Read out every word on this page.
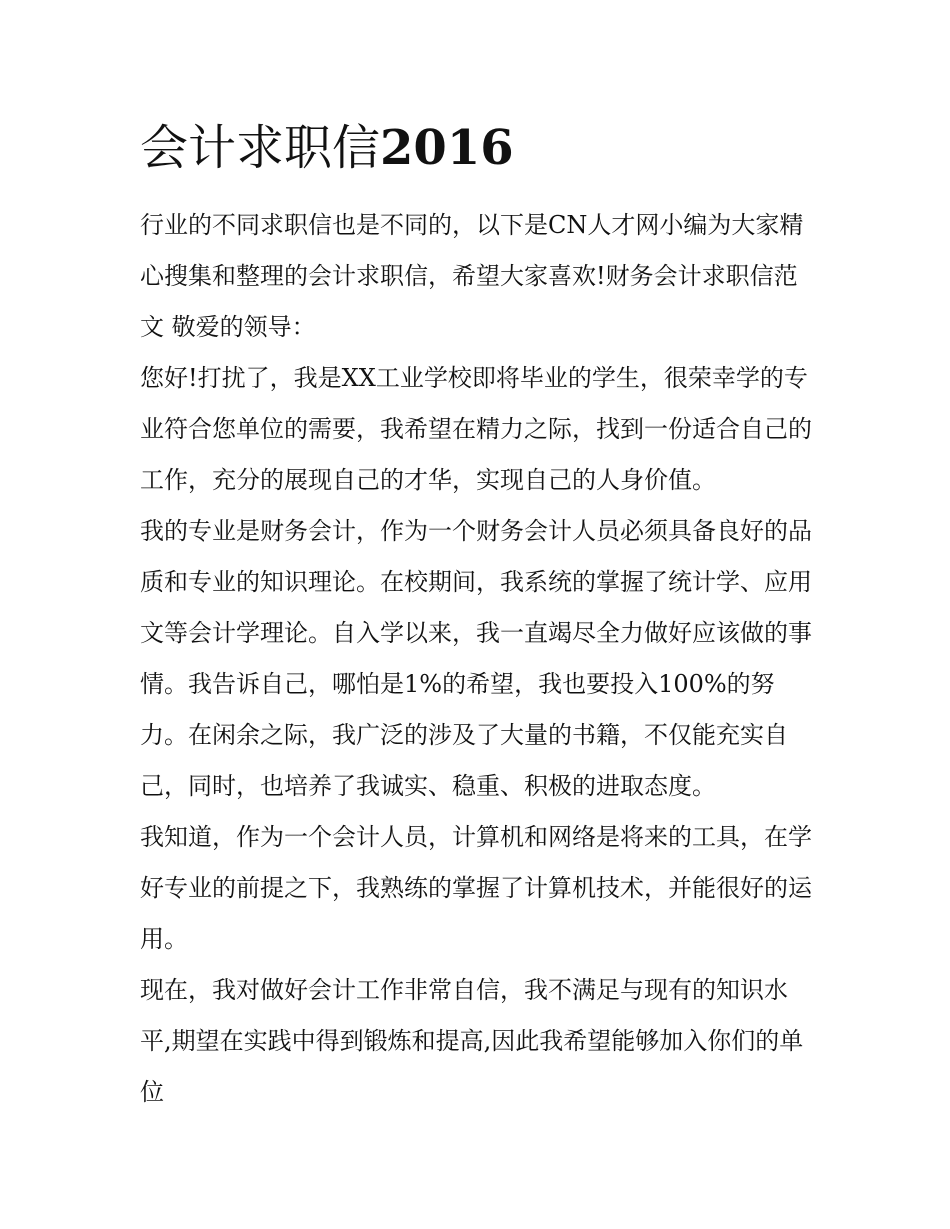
会计求职信2016

行业的不同求职信也是不同的，以下是CN人才网小编为大家精心搜集和整理的会计求职信，希望大家喜欢!财务会计求职信范文 敬爱的领导：

您好!打扰了，我是XX工业学校即将毕业的学生，很荣幸学的专业符合您单位的需要，我希望在精力之际，找到一份适合自己的工作，充分的展现自己的才华，实现自己的人身价值。

我的专业是财务会计，作为一个财务会计人员必须具备良好的品质和专业的知识理论。在校期间，我系统的掌握了统计学、应用文等会计学理论。自入学以来，我一直竭尽全力做好应该做的事情。我告诉自己，哪怕是1%的希望，我也要投入100%的努力。在闲余之际，我广泛的涉及了大量的书籍，不仅能充实自己，同时，也培养了我诚实、稳重、积极的进取态度。

我知道，作为一个会计人员，计算机和网络是将来的工具，在学好专业的前提之下，我熟练的掌握了计算机技术，并能很好的运用。

现在，我对做好会计工作非常自信，我不满足与现有的知识水平,期望在实践中得到锻炼和提高,因此我希望能够加入你们的单位
